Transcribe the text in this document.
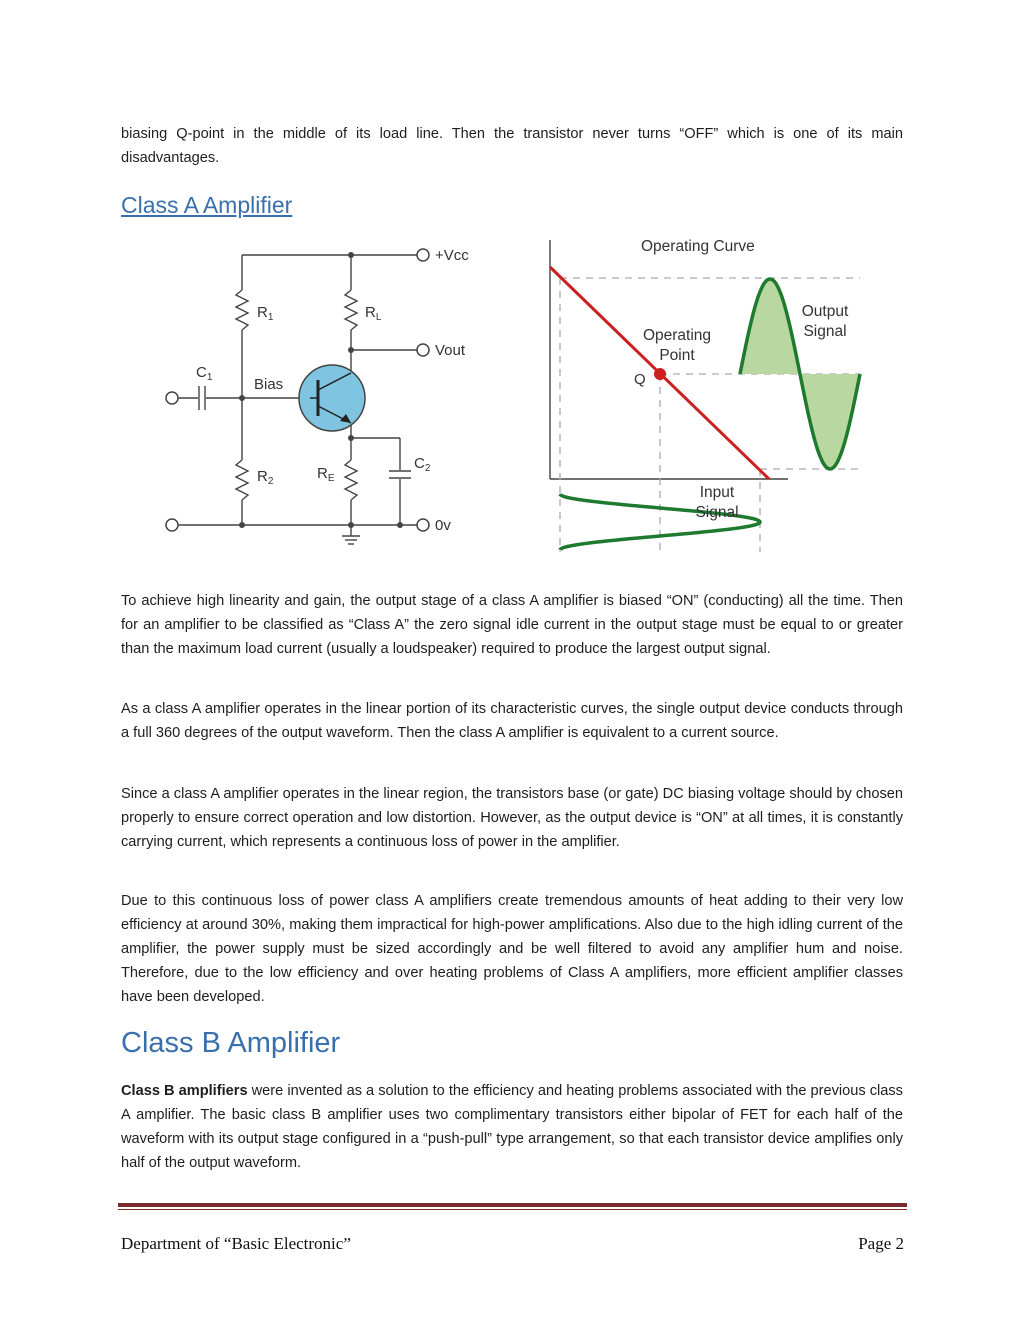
biasing Q-point in the middle of its load line. Then the transistor never turns “OFF” which is one of its main disadvantages.

Class A Amplifier
+Vcc
Vout
0v
$R_1$	$R_L$
$C_1$	Bias
$R_2$	$R_E$
$C_2$
Operating Curve
Output
Signal
Operating
Point
Q
Input
Signal

To achieve high linearity and gain, the output stage of a class A amplifier is biased “ON” (conducting) all the time. Then for an amplifier to be classified as “Class A” the zero signal idle current in the output stage must be equal to or greater than the maximum load current (usually a loudspeaker) required to produce the largest output signal.

As a class A amplifier operates in the linear portion of its characteristic curves, the single output device conducts through a full 360 degrees of the output waveform. Then the class A amplifier is equivalent to a current source.

Since a class A amplifier operates in the linear region, the transistors base (or gate) DC biasing voltage should by chosen properly to ensure correct operation and low distortion. However, as the output device is “ON” at all times, it is constantly carrying current, which represents a continuous loss of power in the amplifier.

Due to this continuous loss of power class A amplifiers create tremendous amounts of heat adding to their very low efficiency at around 30%, making them impractical for high-power amplifications. Also due to the high idling current of the amplifier, the power supply must be sized accordingly and be well filtered to avoid any amplifier hum and noise. Therefore, due to the low efficiency and over heating problems of Class A amplifiers, more efficient amplifier classes have been developed.

Class B Amplifier

Class B amplifiers were invented as a solution to the efficiency and heating problems associated with the previous class A amplifier. The basic class B amplifier uses two complimentary transistors either bipolar of FET for each half of the waveform with its output stage configured in a “push-pull” type arrangement, so that each transistor device amplifies only half of the output waveform.

Department of “Basic Electronic”	Page 2
